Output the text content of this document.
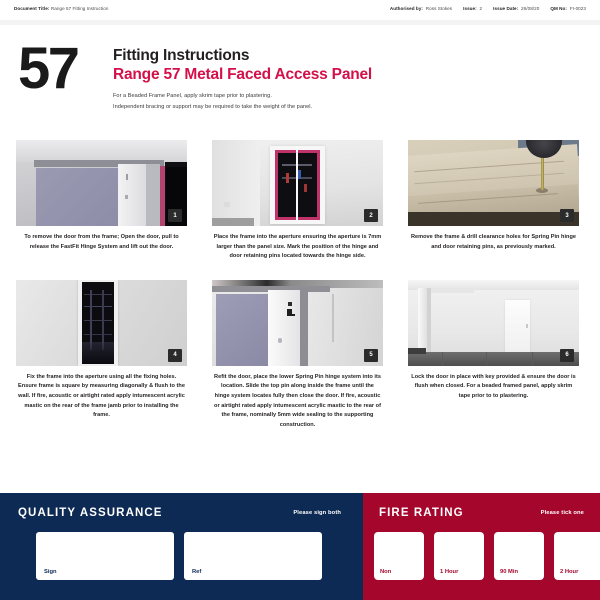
Document Title: Range 57 Fitting Instruction	Authorised by: Ross Stokes Issue: 2 Issue Date: 26/08/20 QM No: FI-0023
57 Fitting Instructions
Range 57 Metal Faced Access Panel
For a Beaded Frame Panel, apply skrim tape prior to plastering.
Independent bracing or support may be required to take the weight of the panel.
1
To remove the door from the frame; Open the door, pull to release the FastFit Hinge System and lift out the door.
2
Place the frame into the aperture ensuring the aperture is 7mm larger than the panel size. Mark the position of the hinge and door retaining pins located towards the hinge side.
3
Remove the frame & drill clearance holes for Spring Pin hinge and door retaining pins, as previously marked.
4
Fix the frame into the aperture using all the fixing holes. Ensure frame is square by measuring diagonally & flush to the wall. If fire, acoustic or airtight rated apply intumescent acrylic mastic on the rear of the frame jamb prior to installing the frame.
5
Refit the door, place the lower Spring Pin hinge system into its location. Slide the top pin along inside the frame until the hinge system locates fully then close the door. If fire, acoustic or airtight rated apply intumescent acrylic mastic to the rear of the frame, nominally 5mm wide sealing to the supporting construction.
6
Lock the door in place with key provided & ensure the door is flush when closed. For a beaded framed panel, apply skrim tape prior to to plastering.
QUALITY ASSURANCE	Please sign both
Sign	Ref
FIRE RATING	Please tick one
Non	1 Hour	90 Min	2 Hour
